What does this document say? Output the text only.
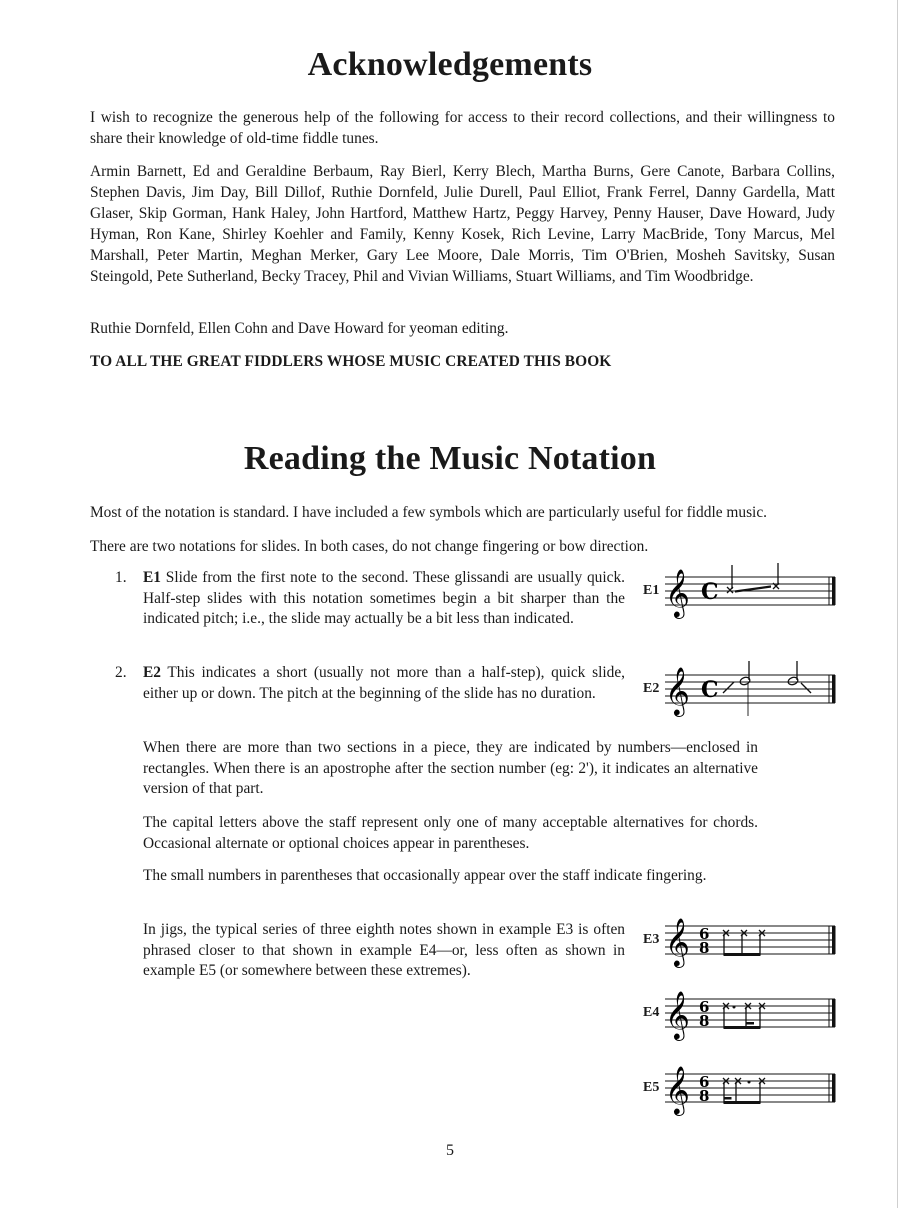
Acknowledgements

I wish to recognize the generous help of the following for access to their record collections, and their willingness to share their knowledge of old-time fiddle tunes.

Armin Barnett, Ed and Geraldine Berbaum, Ray Bierl, Kerry Blech, Martha Burns, Gere Canote, Barbara Collins, Stephen Davis, Jim Day, Bill Dillof, Ruthie Dornfeld, Julie Durell, Paul Elliot, Frank Ferrel, Danny Gardella, Matt Glaser, Skip Gorman, Hank Haley, John Hartford, Matthew Hartz, Peggy Harvey, Penny Hauser, Dave Howard, Judy Hyman, Ron Kane, Shirley Koehler and Family, Kenny Kosek, Rich Levine, Larry MacBride, Tony Marcus, Mel Marshall, Peter Martin, Meghan Merker, Gary Lee Moore, Dale Morris, Tim O'Brien, Mosheh Savitsky, Susan Steingold, Pete Sutherland, Becky Tracey, Phil and Vivian Williams, Stuart Williams, and Tim Woodbridge.

Ruthie Dornfeld, Ellen Cohn and Dave Howard for yeoman editing.

TO ALL THE GREAT FIDDLERS WHOSE MUSIC CREATED THIS BOOK

Reading the Music Notation

Most of the notation is standard. I have included a few symbols which are particularly useful for fiddle music.

There are two notations for slides. In both cases, do not change fingering or bow direction.

1. E1 Slide from the first note to the second. These glissandi are usually quick. Half-step slides with this notation sometimes begin a bit sharper than the indicated pitch; i.e., the slide may actually be a bit less than indicated.
2. E2 This indicates a short (usually not more than a half-step), quick slide, either up or down. The pitch at the beginning of the slide has no duration.

When there are more than two sections in a piece, they are indicated by numbers—enclosed in rectangles. When there is an apostrophe after the section number (eg: 2'), it indicates an alternative version of that part.

The capital letters above the staff represent only one of many acceptable alternatives for chords. Occasional alternate or optional choices appear in parentheses.

The small numbers in parentheses that occasionally appear over the staff indicate fingering.

In jigs, the typical series of three eighth notes shown in example E3 is often phrased closer to that shown in example E4—or, less often as shown in example E5 (or somewhere between these extremes).

E1 𝄞 C
E2 𝄞 C
E3 𝄞 6
8
E4 𝄞 6
8
E5 𝄞 6
8
5
